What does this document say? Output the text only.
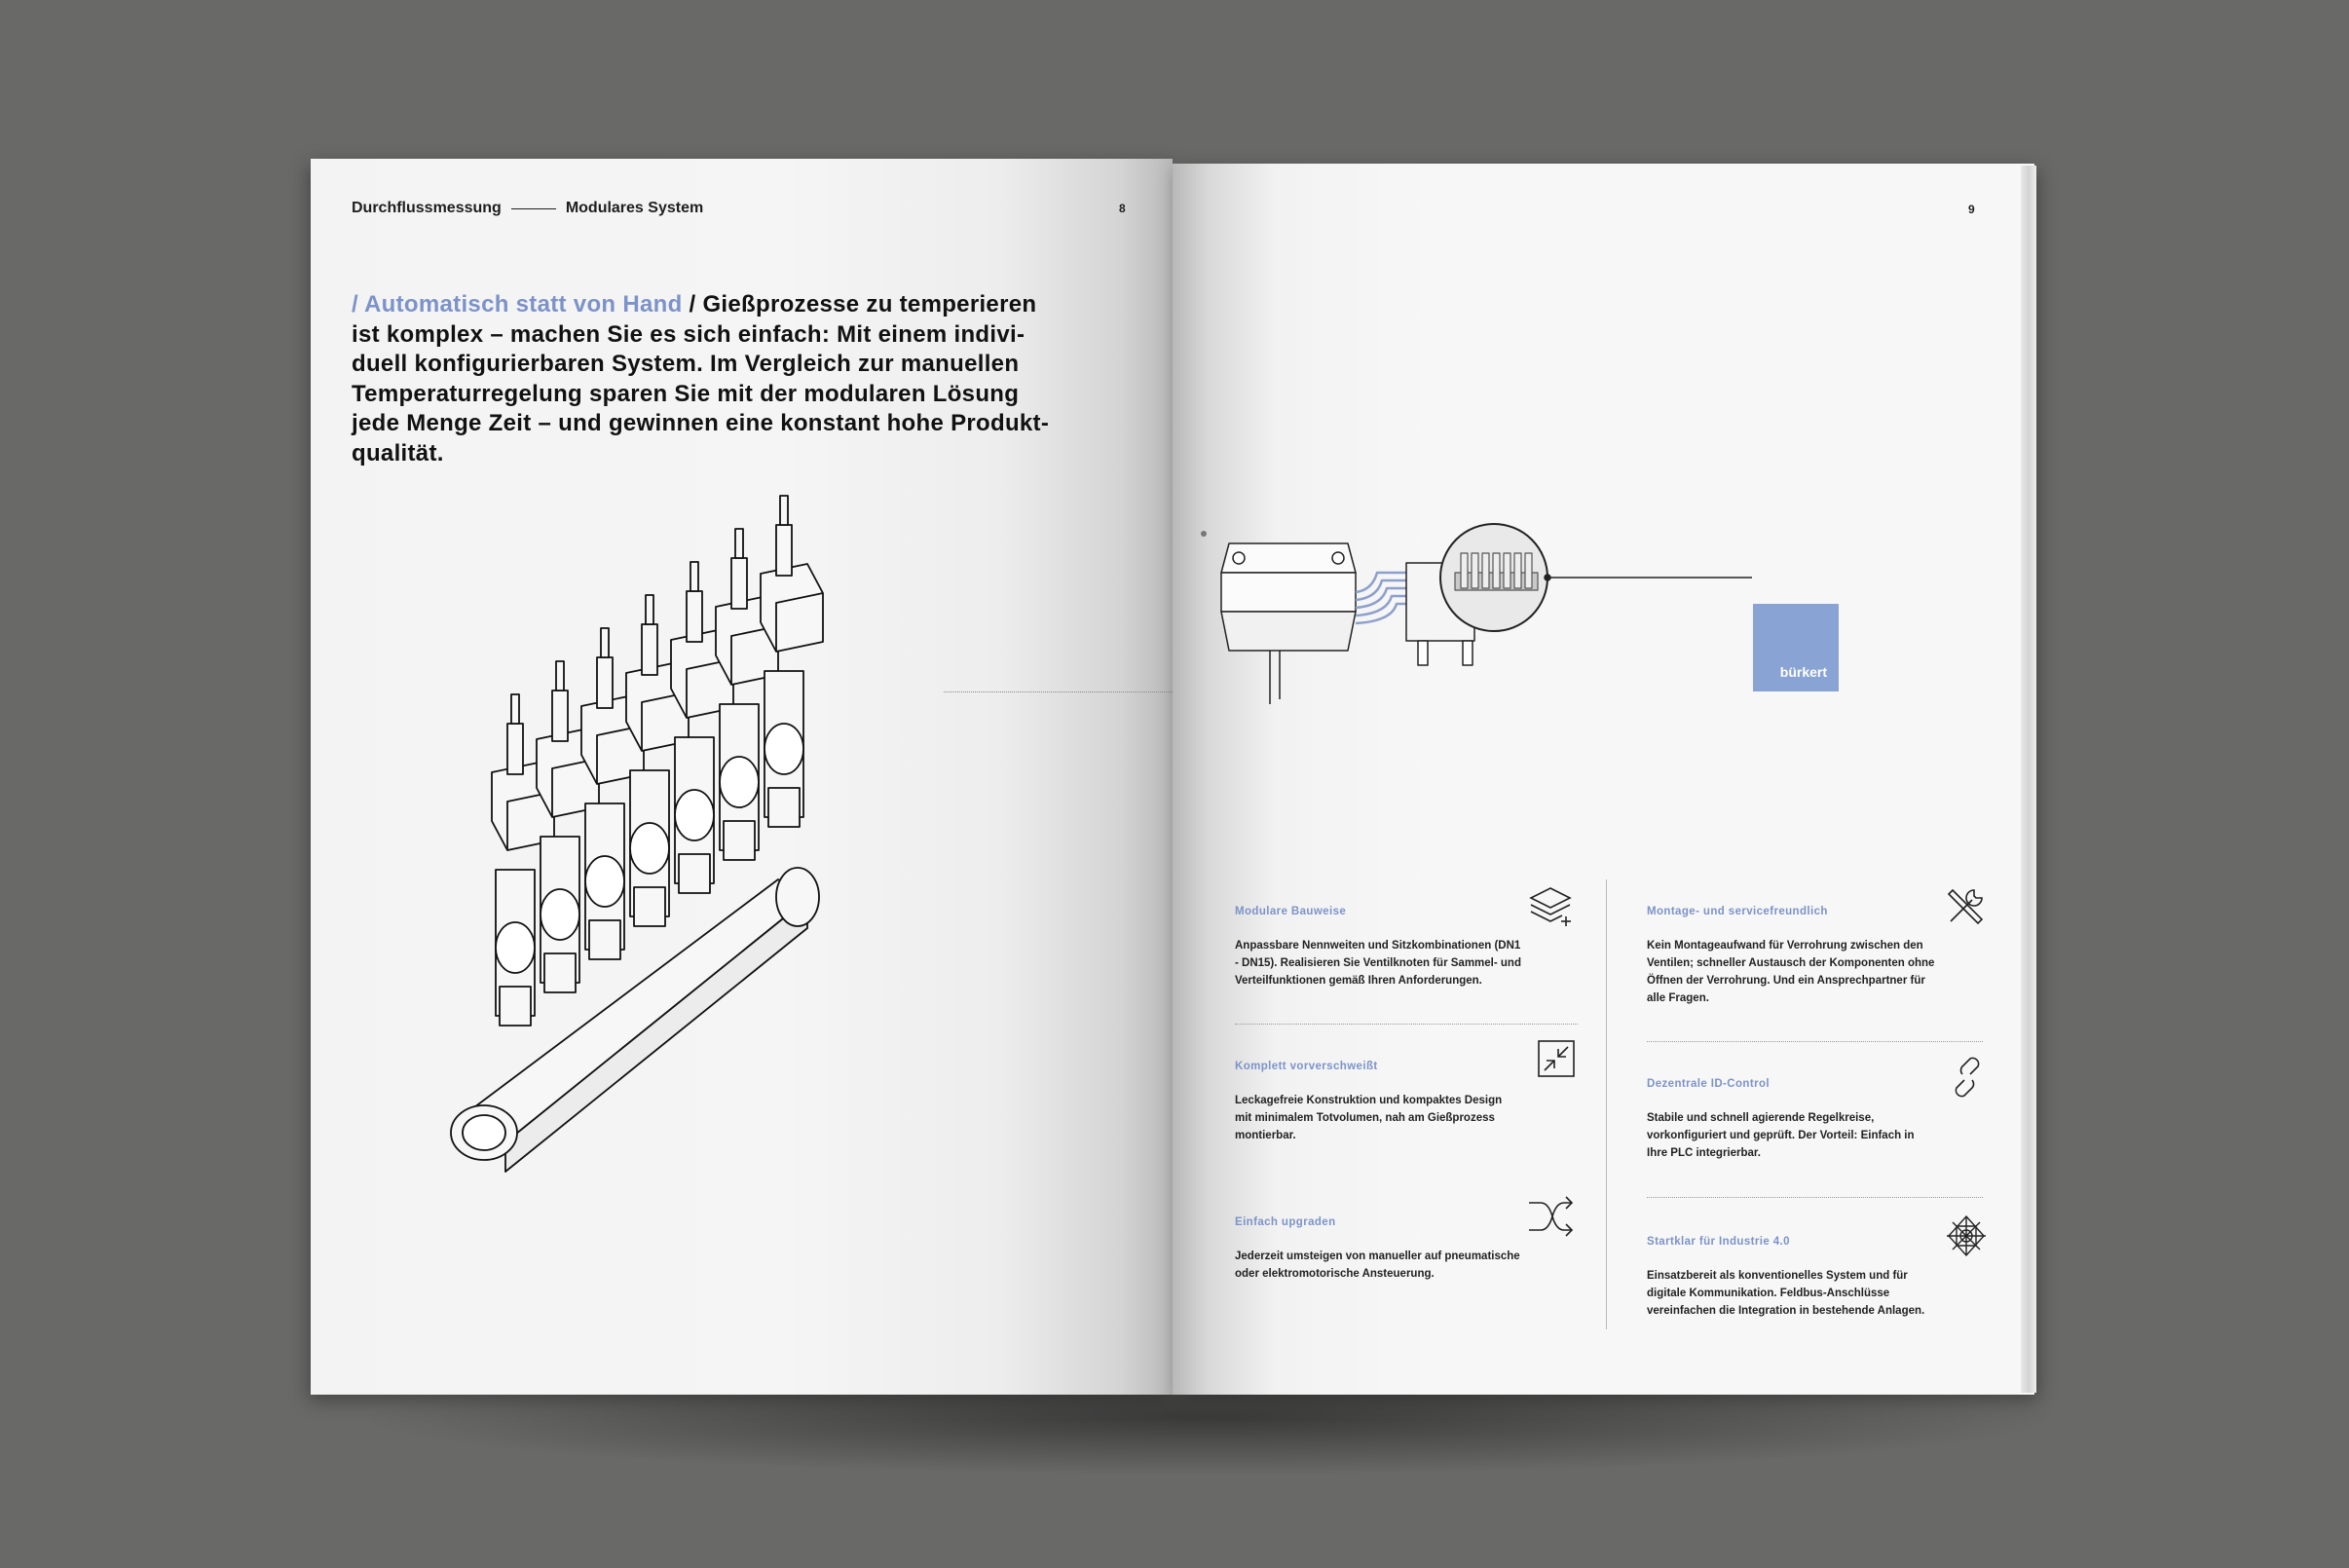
Durchflussmessung	Modulares System	8
/ Automatisch statt von Hand / Gießprozesse zu temperieren
ist komplex – machen Sie es sich einfach: Mit einem indivi-
duell konfigurierbaren System. Im Vergleich zur manuellen
Temperaturregelung sparen Sie mit der modularen Lösung
jede Menge Zeit – und gewinnen eine konstant hohe Produkt-
qualität.
9
bürkert
Modulare Bauweise
Anpassbare Nennweiten und Sitzkombinationen (DN1
- DN15). Realisieren Sie Ventilknoten für Sammel- und
Verteilfunktionen gemäß Ihren Anforderungen.
Montage- und servicefreundlich
Kein Montageaufwand für Verrohrung zwischen den
Ventilen; schneller Austausch der Komponenten ohne
Öffnen der Verrohrung. Und ein Ansprechpartner für
alle Fragen.
Komplett vorverschweißt
Leckagefreie Konstruktion und kompaktes Design
mit minimalem Totvolumen, nah am Gießprozess
montierbar.
Dezentrale ID-Control
Stabile und schnell agierende Regelkreise,
vorkonfiguriert und geprüft. Der Vorteil: Einfach in
Ihre PLC integrierbar.
Einfach upgraden
Jederzeit umsteigen von manueller auf pneumatische
oder elektromotorische Ansteuerung.
Startklar für Industrie 4.0
Einsatzbereit als konventionelles System und für
digitale Kommunikation. Feldbus-Anschlüsse
vereinfachen die Integration in bestehende Anlagen.
